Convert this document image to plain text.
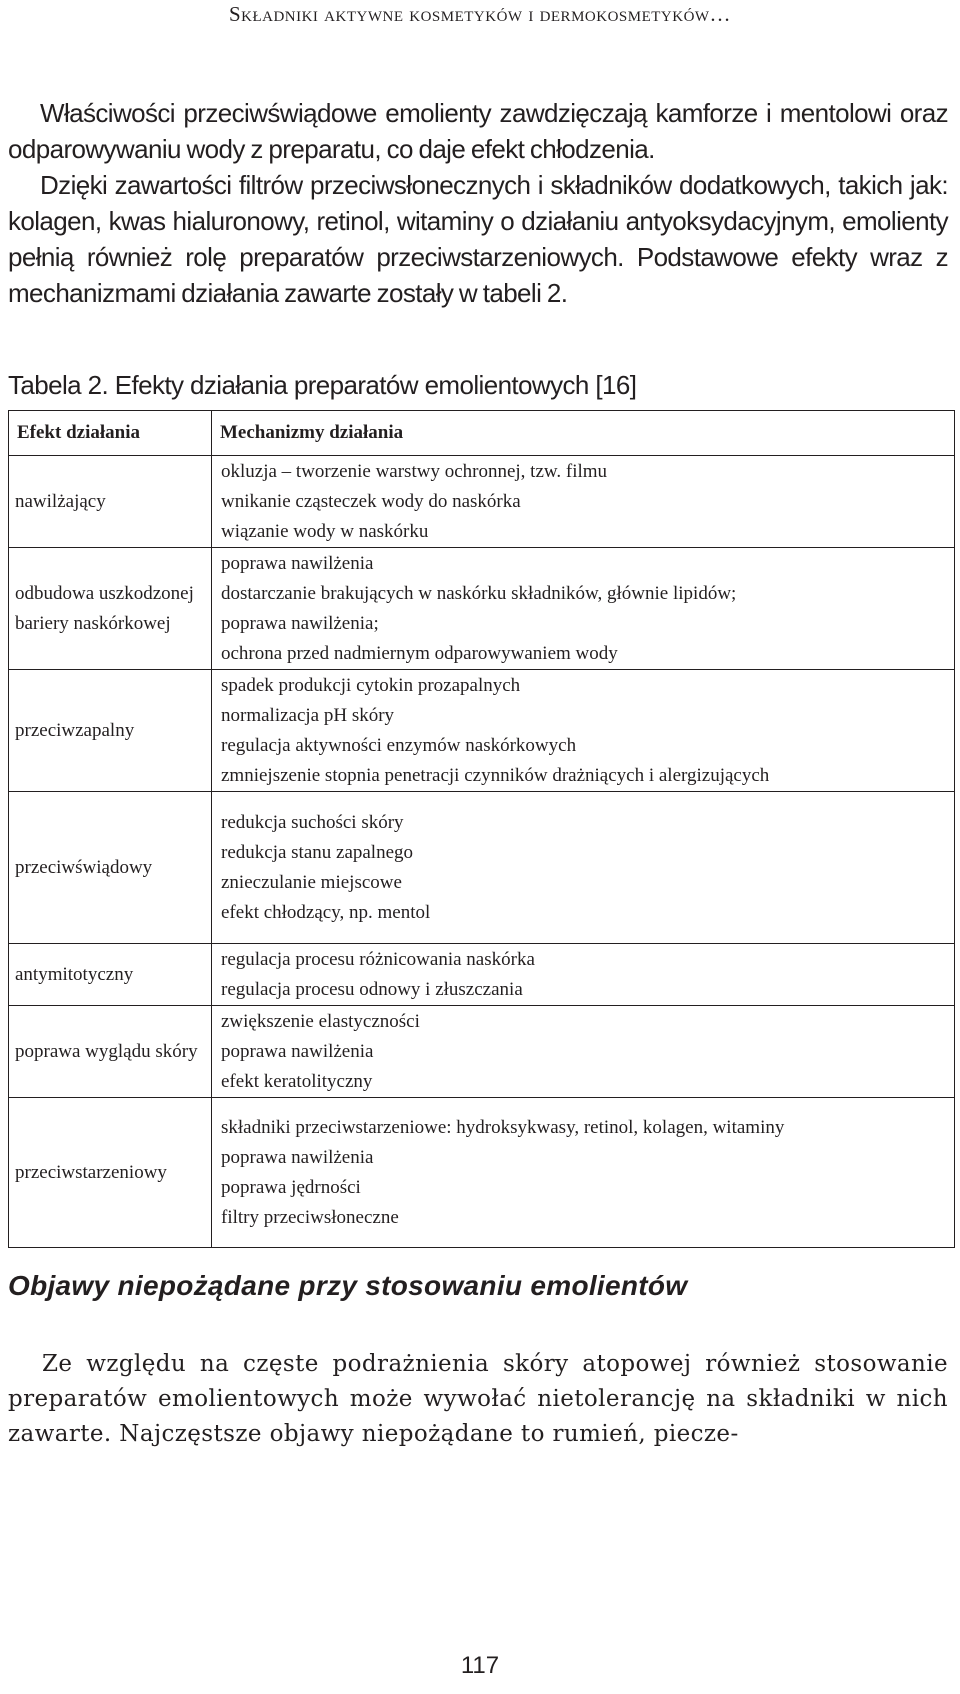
Składniki aktywne kosmetyków i dermokosmetyków…

Właściwości przeciwświądowe emolienty zawdzięczają kamforze i mentolowi oraz odparowywaniu wody z preparatu, co daje efekt chłodzenia.

Dzięki zawartości filtrów przeciwsłonecznych i składników dodatkowych, takich jak: kolagen, kwas hialuronowy, retinol, witaminy o działaniu antyoksydacyjnym, emolienty pełnią również rolę preparatów przeciwstarzeniowych. Podstawowe efekty wraz z mechanizmami działania zawarte zostały w tabeli 2.

Tabela 2. Efekty działania preparatów emolientowych [16]
Efekt działania	Mechanizmy działania
nawilżający	okluzja – tworzenie warstwy ochronnej, tzw. filmu
wnikanie cząsteczek wody do naskórka
wiązanie wody w naskórku

odbudowa uszkodzonej bariery naskórkowej	poprawa nawilżenia
dostarczanie brakujących w naskórku składników, głównie lipidów;
poprawa nawilżenia;
ochrona przed nadmiernym odparowywaniem wody

przeciwzapalny	spadek produkcji cytokin prozapalnych
normalizacja pH skóry
regulacja aktywności enzymów naskórkowych
zmniejszenie stopnia penetracji czynników drażniących i alergizujących

przeciwświądowy	redukcja suchości skóry
redukcja stanu zapalnego
znieczulanie miejscowe
efekt chłodzący, np. mentol

antymitotyczny	regulacja procesu różnicowania naskórka
regulacja procesu odnowy i złuszczania

poprawa wyglądu skóry	zwiększenie elastyczności
poprawa nawilżenia
efekt keratolityczny

przeciwstarzeniowy	składniki przeciwstarzeniowe: hydroksykwasy, retinol, kolagen, witaminy
poprawa nawilżenia
poprawa jędrności
filtry przeciwsłoneczne
Objawy niepożądane przy stosowaniu emolientów

Ze względu na częste podrażnienia skóry atopowej również stosowanie preparatów emolientowych może wywołać nietolerancję na składniki w nich zawarte. Najczęstsze objawy niepożądane to rumień, piecze-

117
